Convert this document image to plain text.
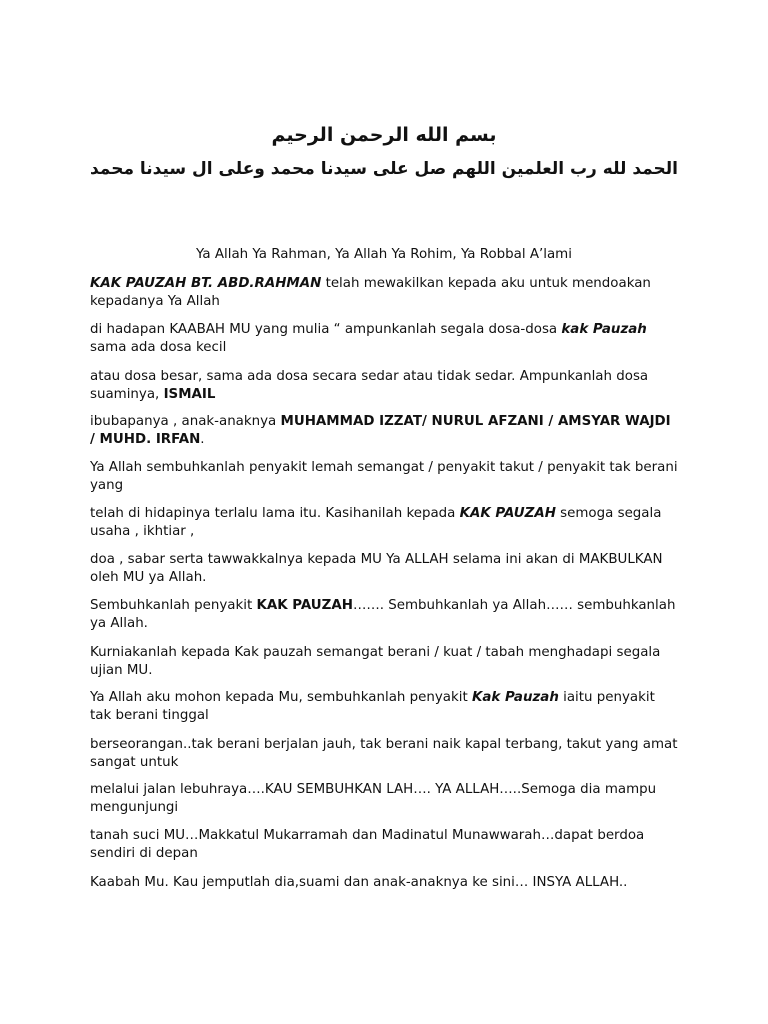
بسم الله الرحمن الرحيم

الحمد لله رب العلمين اللهم صل على سيدنا محمد وعلى ال سيدنا محمد

Ya Allah Ya Rahman, Ya Allah Ya Rohim, Ya Robbal A’lami

KAK PAUZAH BT. ABD.RAHMAN telah mewakilkan kepada aku untuk mendoakan kepadanya Ya Allah

di hadapan KAABAH MU yang mulia “ ampunkanlah segala dosa-dosa kak Pauzah sama ada dosa kecil

atau dosa besar, sama ada dosa secara sedar atau tidak sedar. Ampunkanlah dosa suaminya, ISMAIL

ibubapanya , anak-anaknya MUHAMMAD IZZAT/ NURUL AFZANI / AMSYAR WAJDI / MUHD. IRFAN.

Ya Allah sembuhkanlah penyakit lemah semangat / penyakit takut / penyakit tak berani yang

telah di hidapinya terlalu lama itu. Kasihanilah kepada KAK PAUZAH semoga segala usaha , ikhtiar ,

doa , sabar serta tawwakkalnya kepada MU Ya ALLAH selama ini akan di MAKBULKAN oleh MU ya Allah.

Sembuhkanlah penyakit KAK PAUZAH……. Sembuhkanlah ya Allah…… sembuhkanlah ya Allah.

Kurniakanlah kepada Kak pauzah semangat berani / kuat / tabah menghadapi segala ujian MU.

Ya Allah aku mohon kepada Mu, sembuhkanlah penyakit Kak Pauzah iaitu penyakit tak berani tinggal

berseorangan..tak berani berjalan jauh, tak berani naik kapal terbang, takut yang amat sangat untuk

melalui jalan lebuhraya….KAU SEMBUHKAN LAH…. YA ALLAH…..Semoga dia mampu mengunjungi

tanah suci MU…Makkatul Mukarramah dan Madinatul Munawwarah…dapat berdoa sendiri di depan

Kaabah Mu. Kau jemputlah dia,suami dan anak-anaknya ke sini… INSYA ALLAH..
